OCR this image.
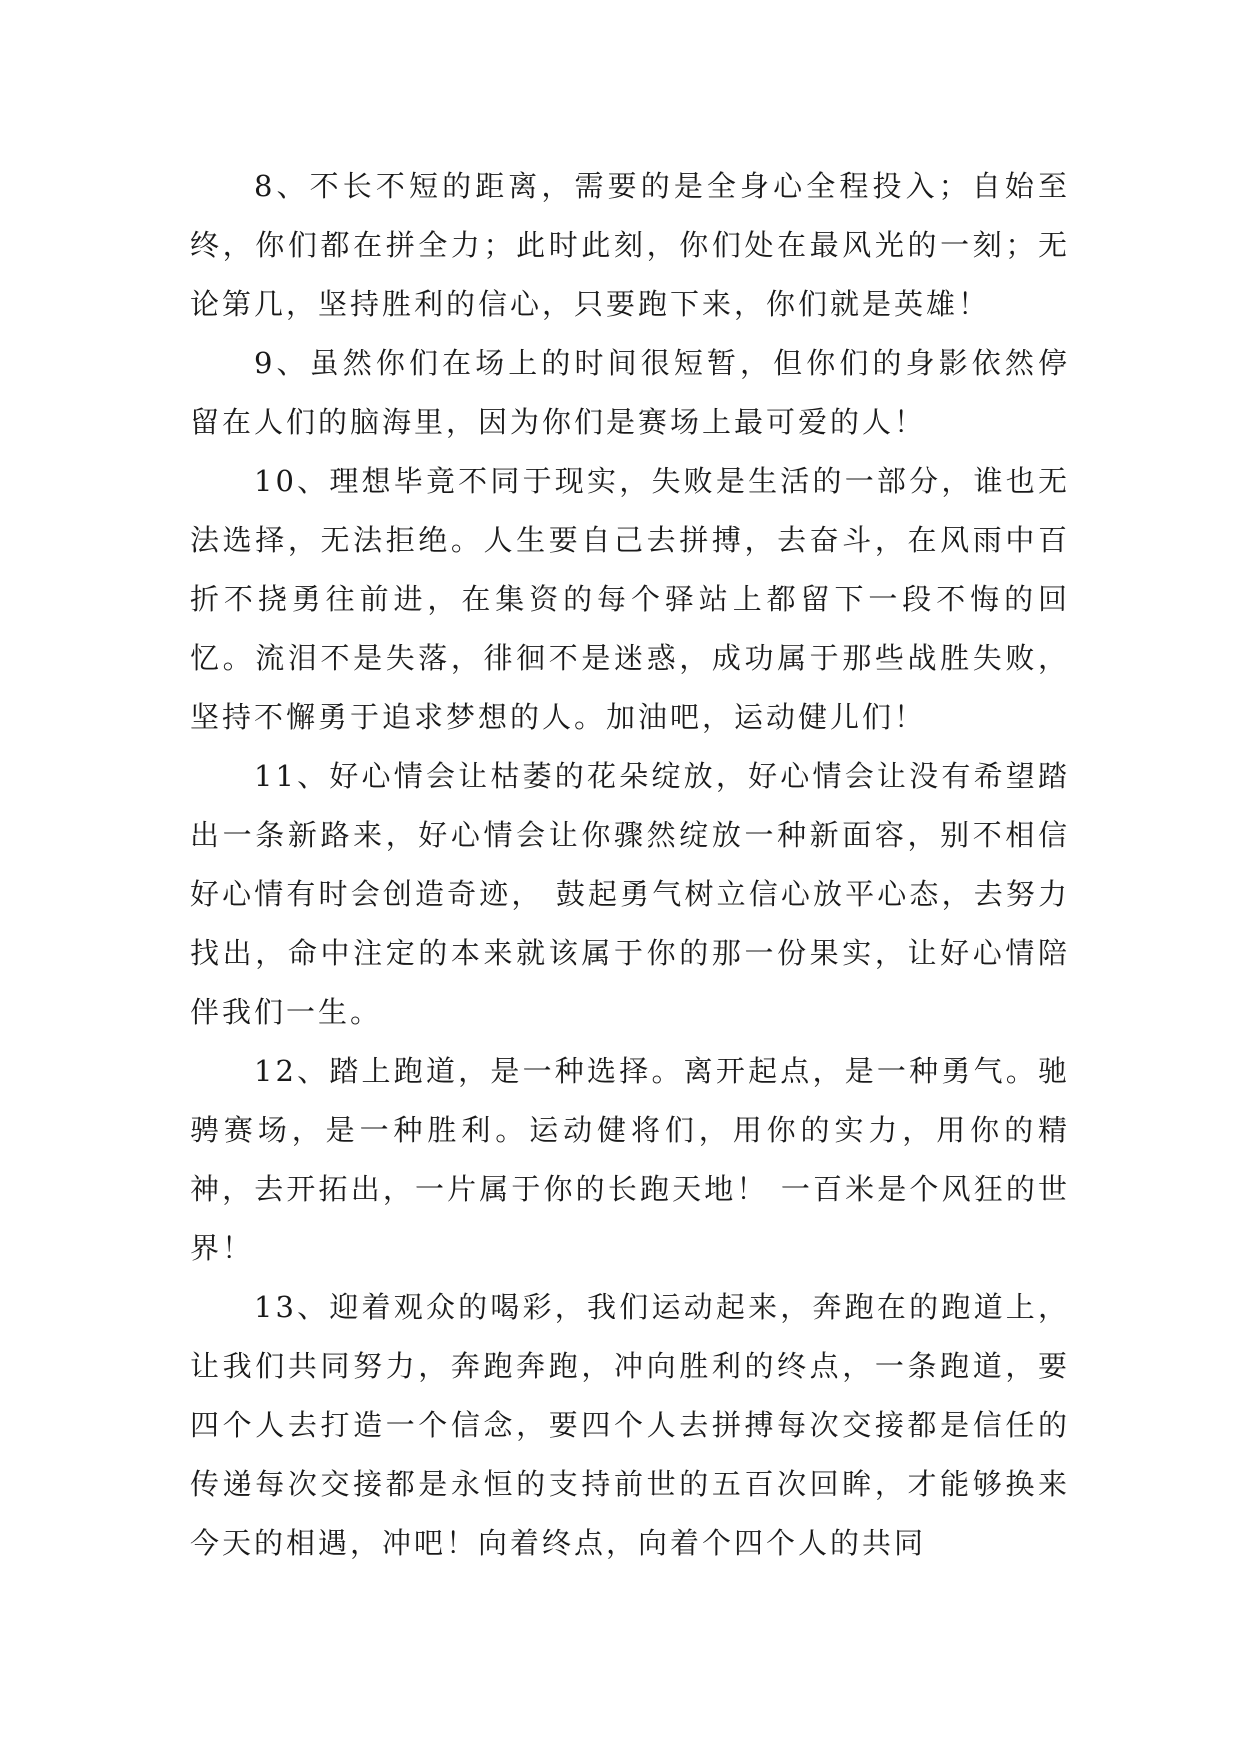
8、不长不短的距离，需要的是全身心全程投入；自始至终，你们都在拼全力；此时此刻，你们处在最风光的一刻；无论第几，坚持胜利的信心，只要跑下来，你们就是英雄！

9、虽然你们在场上的时间很短暂，但你们的身影依然停留在人们的脑海里，因为你们是赛场上最可爱的人！

10、理想毕竟不同于现实，失败是生活的一部分，谁也无法选择，无法拒绝。人生要自己去拼搏，去奋斗，在风雨中百折不挠勇往前进，在集资的每个驿站上都留下一段不悔的回忆。流泪不是失落，徘徊不是迷惑，成功属于那些战胜失败，坚持不懈勇于追求梦想的人。加油吧，运动健儿们！

11、好心情会让枯萎的花朵绽放，好心情会让没有希望踏出一条新路来，好心情会让你骤然绽放一种新面容，别不相信好心情有时会创造奇迹， 鼓起勇气树立信心放平心态，去努力找出，命中注定的本来就该属于你的那一份果实，让好心情陪伴我们一生。

12、踏上跑道，是一种选择。离开起点，是一种勇气。驰骋赛场，是一种胜利。运动健将们，用你的实力，用你的精神，去开拓出，一片属于你的长跑天地！ 一百米是个风狂的世界！

13、迎着观众的喝彩，我们运动起来，奔跑在的跑道上，让我们共同努力，奔跑奔跑，冲向胜利的终点，一条跑道，要四个人去打造一个信念，要四个人去拼搏每次交接都是信任的传递每次交接都是永恒的支持前世的五百次回眸，才能够换来今天的相遇，冲吧！向着终点，向着个四个人的共同
